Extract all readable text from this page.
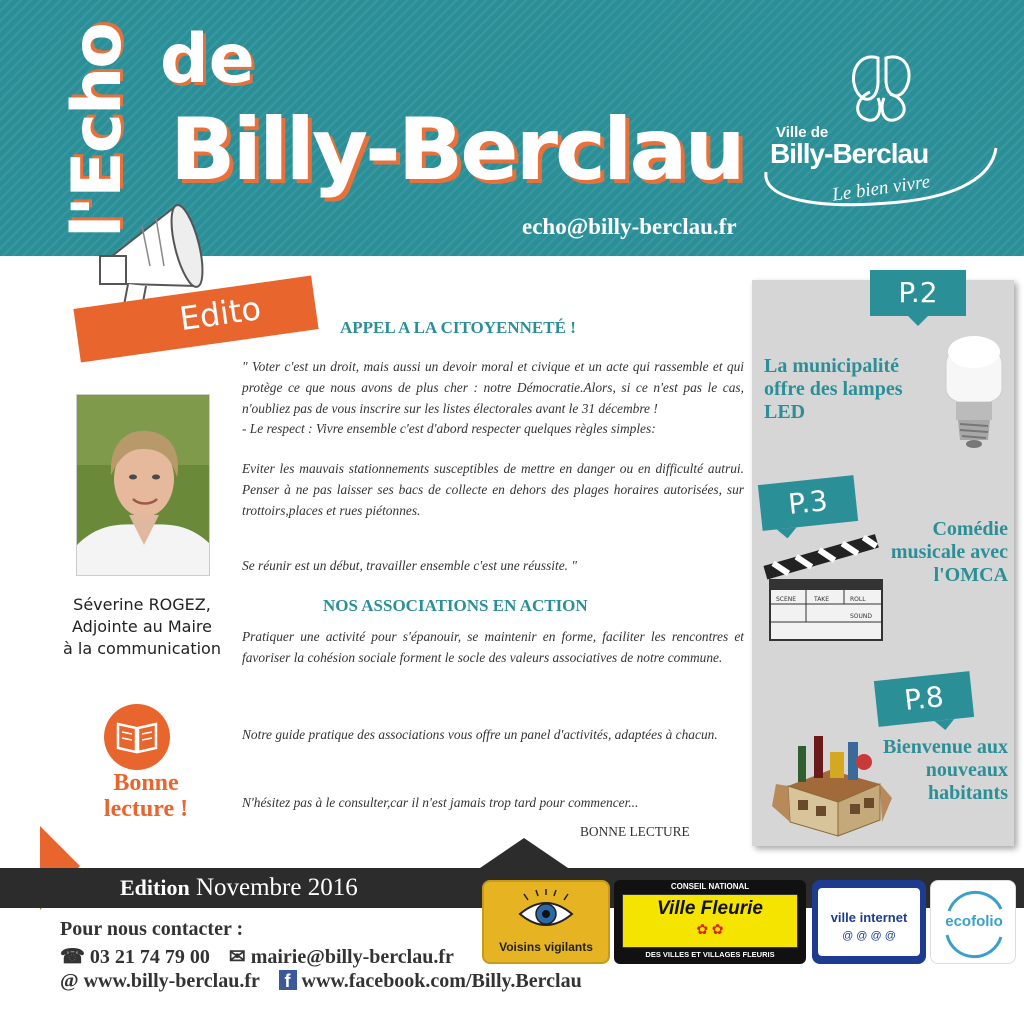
l'Echo de
Billy-Berclau
echo@billy-berclau.fr
Ville de
Billy-Berclau
Le bien vivre
Edito
Séverine ROGEZ,
Adjointe au Maire
à la communication
Bonne lecture !
APPEL A LA CITOYENNETÉ !
" Voter c'est un droit, mais aussi un devoir moral et civique et un acte qui rassemble et qui protège ce que nous avons de plus cher : notre Démocratie.Alors, si ce n'est pas le cas, n'oubliez pas de vous inscrire sur les listes électorales avant le 31 décembre !
- Le respect : Vivre ensemble c'est d'abord respecter quelques règles simples:
Eviter les mauvais stationnements susceptibles de mettre en danger ou en difficulté autrui. Penser à ne pas laisser ses bacs de collecte en dehors des plages horaires autorisées, sur trottoirs,places et rues piétonnes.
Se réunir est un début, travailler ensemble c'est une réussite. "
NOS ASSOCIATIONS EN ACTION
Pratiquer une activité pour s'épanouir, se maintenir en forme, faciliter les rencontres et favoriser la cohésion sociale forment le socle des valeurs associatives de notre commune.
Notre guide pratique des associations vous offre un panel d'activités, adaptées à chacun.
N'hésitez pas à le consulter,car il n'est jamais trop tard pour commencer...
BONNE LECTURE
P.2
La municipalité offre des lampes LED
P.3
Comédie musicale avec l'OMCA
SCENE	TAKE	ROLL
SOUND
P.8
Bienvenue aux nouveaux habitants
Edition Novembre 2016
Pour nous contacter :
☎ 03 21 74 79 00 ✉ mairie@billy-berclau.fr
@ www.billy-berclau.fr f www.facebook.com/Billy.Berclau
Voisins vigilants
CONSEIL NATIONAL
Ville Fleurie
✿ ✿
DES VILLES ET VILLAGES FLEURIS
ville internet
@ @ @ @
ecofolio
